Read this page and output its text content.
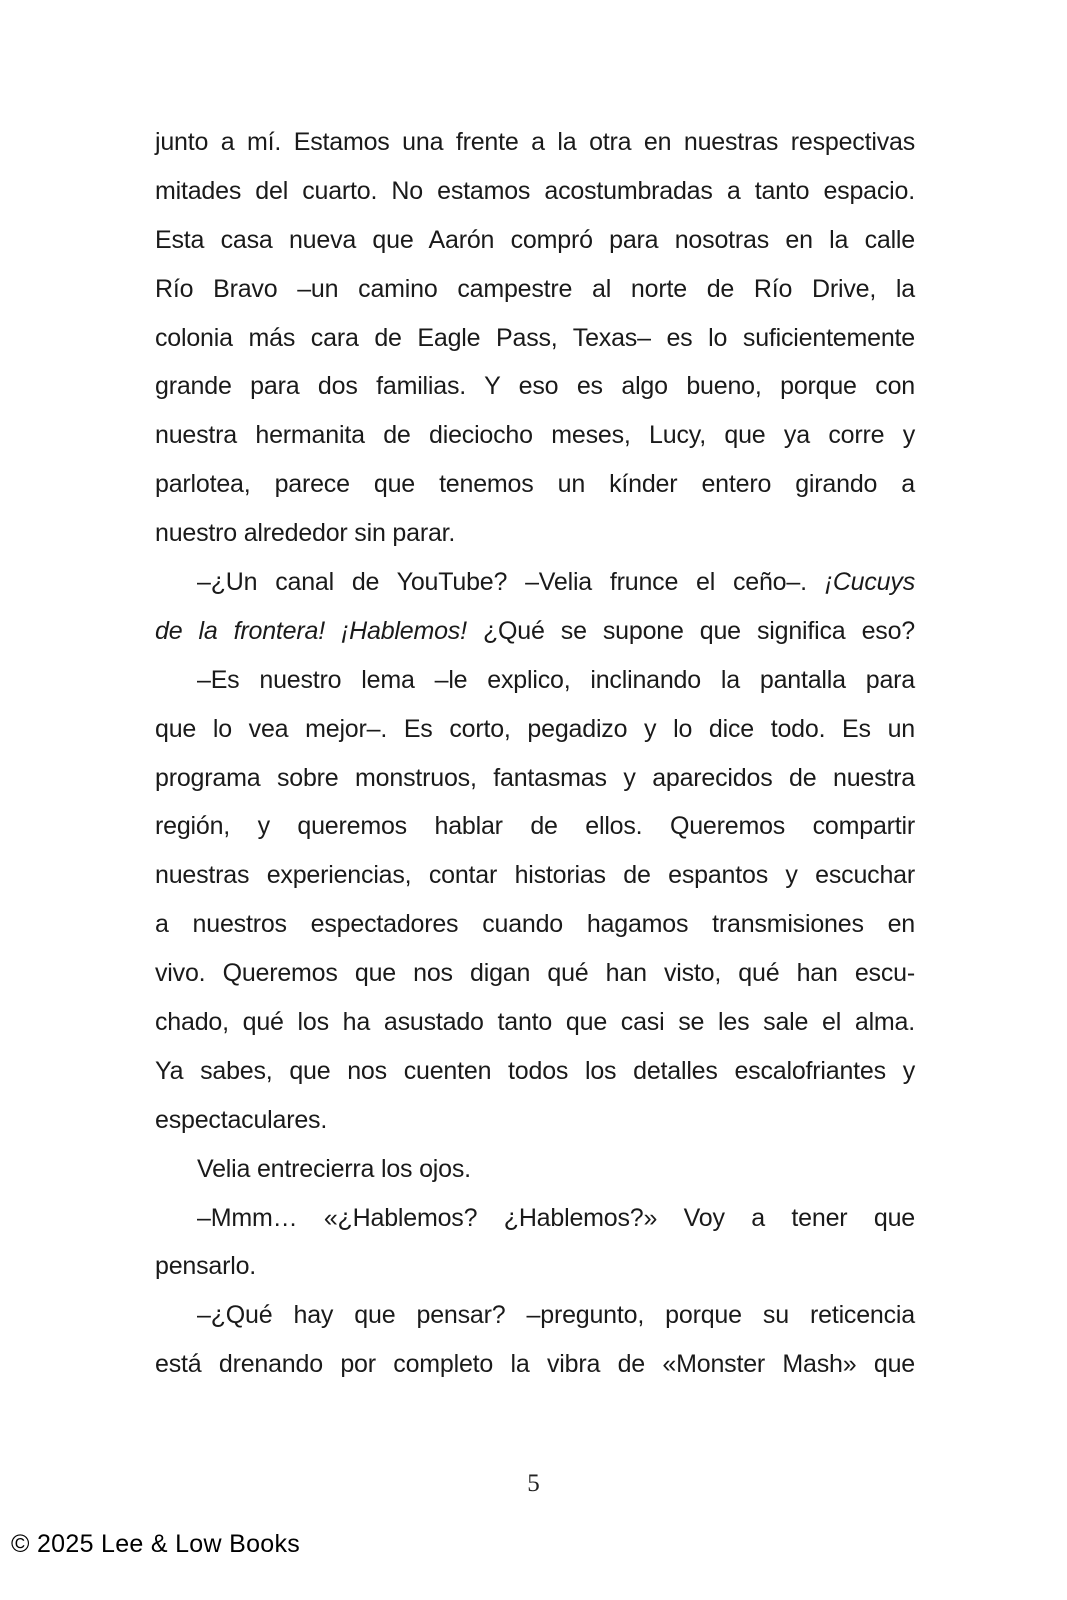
junto a mí. Estamos una frente a la otra en nuestras respectivas
mitades del cuarto. No estamos acostumbradas a tanto espacio.
Esta casa nueva que Aarón compró para nosotras en la calle
Río Bravo –un camino campestre al norte de Río Drive, la
colonia más cara de Eagle Pass, Texas– es lo suficientemente
grande para dos familias. Y eso es algo bueno, porque con
nuestra hermanita de dieciocho meses, Lucy, que ya corre y
parlotea, parece que tenemos un kínder entero girando a
nuestro alrededor sin parar.
–¿Un canal de YouTube? –Velia frunce el ceño–. ¡Cucuys
de la frontera! ¡Hablemos! ¿Qué se supone que significa eso?
–Es nuestro lema –le explico, inclinando la pantalla para
que lo vea mejor–. Es corto, pegadizo y lo dice todo. Es un
programa sobre monstruos, fantasmas y aparecidos de nuestra
región, y queremos hablar de ellos. Queremos compartir
nuestras experiencias, contar historias de espantos y escuchar
a nuestros espectadores cuando hagamos transmisiones en
vivo. Queremos que nos digan qué han visto, qué han escu-
chado, qué los ha asustado tanto que casi se les sale el alma.
Ya sabes, que nos cuenten todos los detalles escalofriantes y
espectaculares.
Velia entrecierra los ojos.
–Mmm… «¿Hablemos? ¿Hablemos?» Voy a tener que
pensarlo.
–¿Qué hay que pensar? –pregunto, porque su reticencia
está drenando por completo la vibra de «Monster Mash» que
5
© 2025 Lee & Low Books
